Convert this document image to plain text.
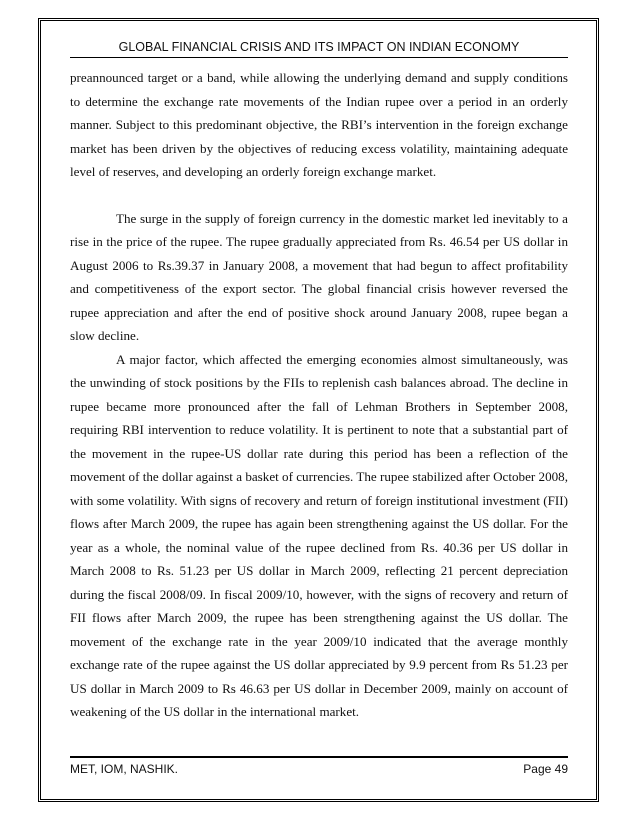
GLOBAL FINANCIAL CRISIS AND ITS IMPACT ON INDIAN ECONOMY

preannounced target or a band, while allowing the underlying demand and supply conditions to determine the exchange rate movements of the Indian rupee over a period in an orderly manner. Subject to this predominant objective, the RBI’s intervention in the foreign exchange market has been driven by the objectives of reducing excess volatility, maintaining adequate level of reserves, and developing an orderly foreign exchange market.

The surge in the supply of foreign currency in the domestic market led inevitably to a rise in the price of the rupee. The rupee gradually appreciated from Rs. 46.54 per US dollar in August 2006 to Rs.39.37 in January 2008, a movement that had begun to affect profitability and competitiveness of the export sector. The global financial crisis however reversed the rupee appreciation and after the end of positive shock around January 2008, rupee began a slow decline.

A major factor, which affected the emerging economies almost simultaneously, was the unwinding of stock positions by the FIIs to replenish cash balances abroad. The decline in rupee became more pronounced after the fall of Lehman Brothers in September 2008, requiring RBI intervention to reduce volatility. It is pertinent to note that a substantial part of the movement in the rupee-US dollar rate during this period has been a reflection of the movement of the dollar against a basket of currencies. The rupee stabilized after October 2008, with some volatility. With signs of recovery and return of foreign institutional investment (FII) flows after March 2009, the rupee has again been strengthening against the US dollar. For the year as a whole, the nominal value of the rupee declined from Rs. 40.36 per US dollar in March 2008 to Rs. 51.23 per US dollar in March 2009, reflecting 21 percent depreciation during the fiscal 2008/09. In fiscal 2009/10, however, with the signs of recovery and return of FII flows after March 2009, the rupee has been strengthening against the US dollar. The movement of the exchange rate in the year 2009/10 indicated that the average monthly exchange rate of the rupee against the US dollar appreciated by 9.9 percent from Rs 51.23 per US dollar in March 2009 to Rs 46.63 per US dollar in December 2009, mainly on account of weakening of the US dollar in the international market.

MET, IOM, NASHIK.	Page 49
